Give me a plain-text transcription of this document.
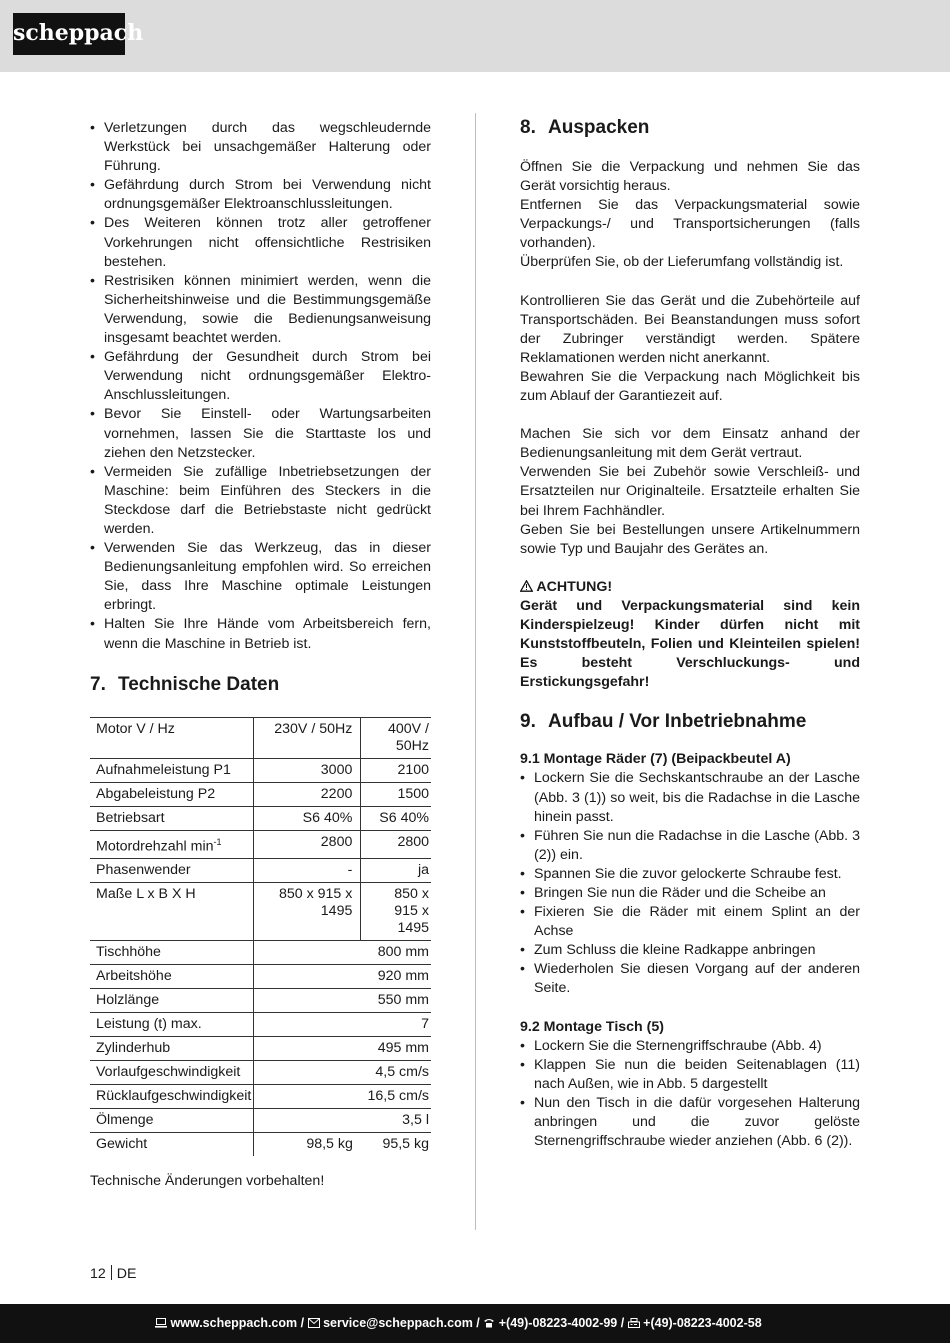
scheppach
• Verletzungen durch das wegschleudernde Werkstück bei unsachgemäßer Halterung oder Führung.
• Gefährdung durch Strom bei Verwendung nicht ordnungsgemäßer Elektroanschlussleitungen.
• Des Weiteren können trotz aller getroffener Vorkehrungen nicht offensichtliche Restrisiken bestehen.
• Restrisiken können minimiert werden, wenn die Sicherheitshinweise und die Bestimmungsgemäße Verwendung, sowie die Bedienungsanweisung insgesamt beachtet werden.
• Gefährdung der Gesundheit durch Strom bei Verwendung nicht ordnungsgemäßer Elektro-Anschlussleitungen.
• Bevor Sie Einstell- oder Wartungsarbeiten vornehmen, lassen Sie die Starttaste los und ziehen den Netzstecker.
• Vermeiden Sie zufällige Inbetriebsetzungen der Maschine: beim Einführen des Steckers in die Steckdose darf die Betriebstaste nicht gedrückt werden.
• Verwenden Sie das Werkzeug, das in dieser Bedienungsanleitung empfohlen wird. So erreichen Sie, dass Ihre Maschine optimale Leistungen erbringt.
• Halten Sie Ihre Hände vom Arbeitsbereich fern, wenn die Maschine in Betrieb ist.
7. Technische Daten
Motor V / Hz	230V / 50Hz	400V / 50Hz
Aufnahmeleistung P1	3000	2100
Abgabeleistung P2	2200	1500
Betriebsart	S6 40%	S6 40%
Motordrehzahl $\min^{-1}$	2800	2800
Phasenwender	-	ja
Maße L x B X H	850 x 915 x 1495	850 x 915 x 1495
Tischhöhe	800 mm	
Arbeitshöhe	920 mm	
Holzlänge	550 mm	
Leistung (t) max.	7	
Zylinderhub	495 mm	
Vorlaufgeschwindigkeit	4,5 cm/s	
Rücklaufgeschwindigkeit	16,5 cm/s	
Ölmenge	3,5 l	
Gewicht	98,5 kg	95,5 kg

Technische Änderungen vorbehalten!

8. Auspacken

Öffnen Sie die Verpackung und nehmen Sie das Gerät vorsichtig heraus.

Entfernen Sie das Verpackungsmaterial sowie Verpackungs-/ und Transportsicherungen (falls vorhanden).

Überprüfen Sie, ob der Lieferumfang vollständig ist.

Kontrollieren Sie das Gerät und die Zubehörteile auf Transportschäden. Bei Beanstandungen muss sofort der Zubringer verständigt werden. Spätere Reklamationen werden nicht anerkannt.

Bewahren Sie die Verpackung nach Möglichkeit bis zum Ablauf der Garantiezeit auf.

Machen Sie sich vor dem Einsatz anhand der Bedienungsanleitung mit dem Gerät vertraut.

Verwenden Sie bei Zubehör sowie Verschleiß- und Ersatzteilen nur Originalteile. Ersatzteile erhalten Sie bei Ihrem Fachhändler.

Geben Sie bei Bestellungen unsere Artikelnummern sowie Typ und Baujahr des Gerätes an.

ACHTUNG!
Gerät und Verpackungsmaterial sind kein Kinderspielzeug! Kinder dürfen nicht mit Kunststoffbeuteln, Folien und Kleinteilen spielen! Es besteht Verschluckungs- und Erstickungsgefahr!
9. Aufbau / Vor Inbetriebnahme
9.1 Montage Räder (7) (Beipackbeutel A)
• Lockern Sie die Sechskantschraube an der Lasche (Abb. 3 (1)) so weit, bis die Radachse in die Lasche hinein passt.
• Führen Sie nun die Radachse in die Lasche (Abb. 3 (2)) ein.
• Spannen Sie die zuvor gelockerte Schraube fest.
• Bringen Sie nun die Räder und die Scheibe an
• Fixieren Sie die Räder mit einem Splint an der Achse
• Zum Schluss die kleine Radkappe anbringen
• Wiederholen Sie diesen Vorgang auf der anderen Seite.
9.2 Montage Tisch (5)
• Lockern Sie die Sternengriffschraube (Abb. 4)
• Klappen Sie nun die beiden Seitenablagen (11) nach Außen, wie in Abb. 5 dargestellt
• Nun den Tisch in die dafür vorgesehen Halterung anbringen und die zuvor gelöste Sternengriffschraube wieder anziehen (Abb. 6 (2)).
12 DE
www.scheppach.com / service@scheppach.com / +(49)-08223-4002-99 / +(49)-08223-4002-58
